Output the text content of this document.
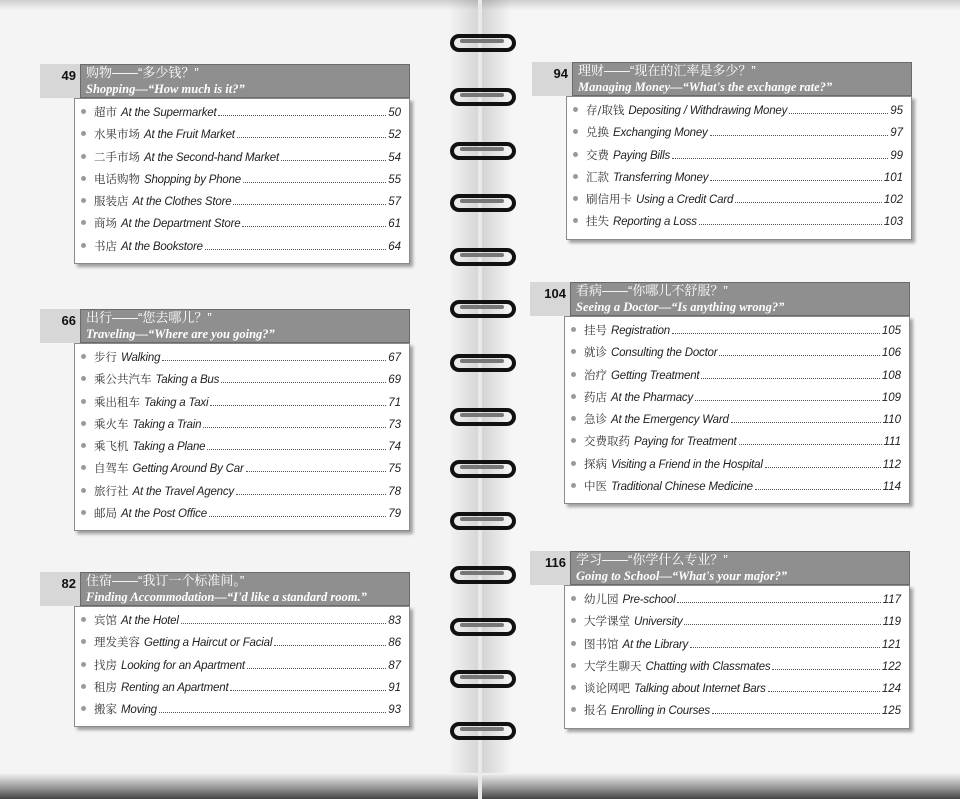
49 购物——“多少钱？”
Shopping—“How much is it?”
超市 At the Supermarket	50
水果市场 At the Fruit Market	52
二手市场 At the Second-hand Market	54
电话购物 Shopping by Phone	55
服装店 At the Clothes Store	57
商场 At the Department Store	61
书店 At the Bookstore	64
66 出行——“您去哪儿？”
Traveling—“Where are you going?”
步行 Walking	67
乘公共汽车 Taking a Bus	69
乘出租车 Taking a Taxi	71
乘火车 Taking a Train	73
乘飞机 Taking a Plane	74
自驾车 Getting Around By Car	75
旅行社 At the Travel Agency	78
邮局 At the Post Office	79
82 住宿——“我订一个标准间。”
Finding Accommodation—“I'd like a standard room.”
宾馆 At the Hotel	83
理发美容 Getting a Haircut or Facial	86
找房 Looking for an Apartment	87
租房 Renting an Apartment	91
搬家 Moving	93
94 理财——“现在的汇率是多少？”
Managing Money—“What's the exchange rate?”
存/取钱 Depositing / Withdrawing Money	95
兑换 Exchanging Money	97
交费 Paying Bills	99
汇款 Transferring Money	101
刷信用卡 Using a Credit Card	102
挂失 Reporting a Loss	103
104 看病——“你哪儿不舒服？”
Seeing a Doctor—“Is anything wrong?”
挂号 Registration	105
就诊 Consulting the Doctor	106
治疗 Getting Treatment	108
药店 At the Pharmacy	109
急诊 At the Emergency Ward	110
交费取药 Paying for Treatment	111
探病 Visiting a Friend in the Hospital	112
中医 Traditional Chinese Medicine	114
116 学习——“你学什么专业？”
Going to School—“What's your major?”
幼儿园 Pre-school	117
大学课堂 University	119
图书馆 At the Library	121
大学生聊天 Chatting with Classmates	122
谈论网吧 Talking about Internet Bars	124
报名 Enrolling in Courses	125
